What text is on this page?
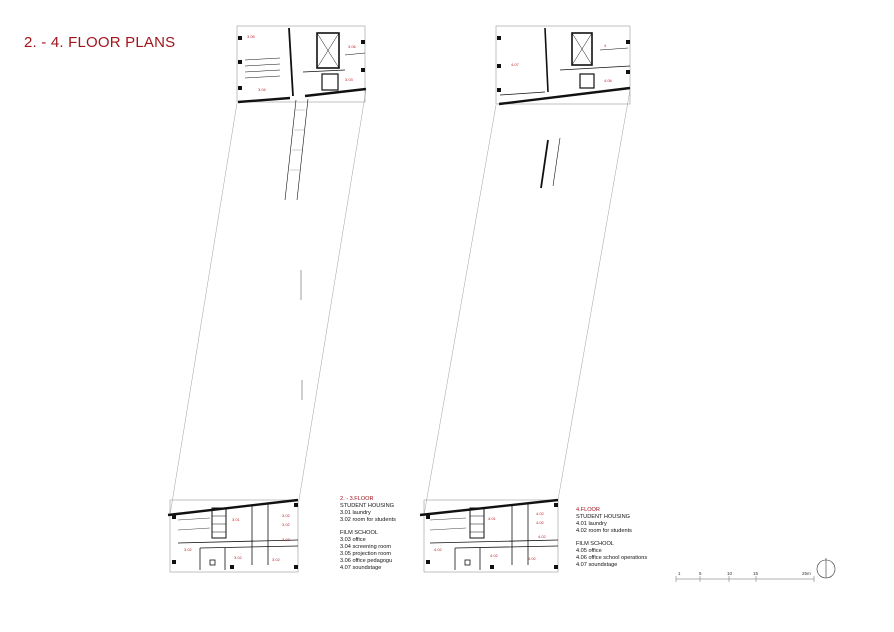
2. - 4. FLOOR PLANS	3.05
3.06
3.04
3.03
4.07
4
4.06
3.01
3.02
3.02
3.03
3.02
3.02	3.02
4.01
4.02
4.02
4.02
4.02
4.02
4.02
1	5	10	15	25m
2. - 3.FLOOR
STUDENT HOUSING
3.01 laundry
3.02 room for students
FILM SCHOOL
3.03 office
3.04 screening room
3.05 projection room
3.06 office pedagogu
4.07 soundstage
4.FLOOR
STUDENT HOUSING
4.01 laundry
4.02 room for students
FILM SCHOOL
4.05 office
4.06 office school operations
4.07 soundstage
